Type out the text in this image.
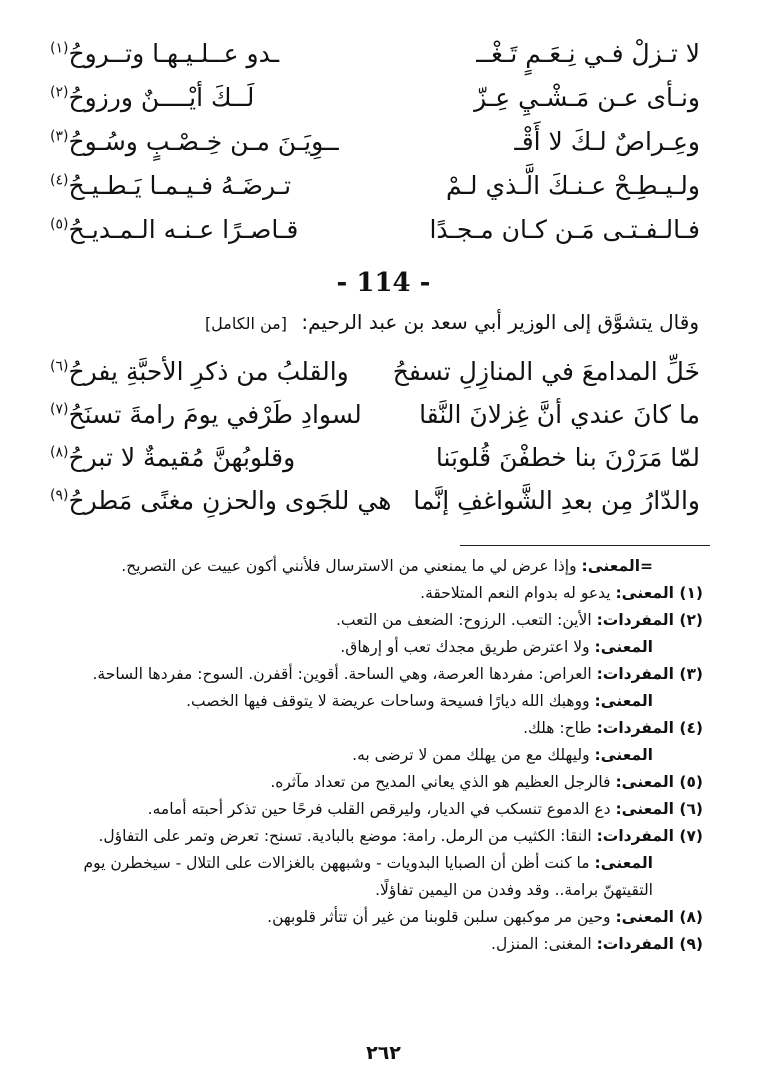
لا تـزلْ فـي نِـعَـمٍ تَـغْــ
ـدو عــلـيـهـا وتــروحُ$^{(١)}$
ونـأى عـن مَـشْـيِ عِـزّ
لَــكَ أيْــــنٌ ورزوحُ$^{(٢)}$
وعِـراصٌ لـكَ لا أَقْـ
ــوِيَـنَ مـن خِـصْـبٍ وسُـوحُ$^{(٣)}$
ولـيـطِـحْ عـنـكَ الَّـذي لـمْ
تـرضَـهُ فـيـمـا يَـطـيـحُ$^{(٤)}$
فـالـفـتـى مَـن كـان مـجـدًا
قـاصـرًا عـنـه الـمـديـحُ$^{(٥)}$
- 114 -
وقال يتشوَّق إلى الوزير أبي سعد بن عبد الرحيم: [من الكامل]
خَلِّ المدامعَ في المنازِلِ تسفحُ
والقلبُ من ذكرِ الأحبَّةِ يفرحُ$^{(٦)}$
ما كانَ عندي أنَّ غِزلانَ النَّقا
لسوادِ طَرْفي يومَ رامةَ تسنَحُ$^{(٧)}$
لمّا مَرَرْنَ بنا خطفْنَ قُلوبَنا
وقلوبُهنَّ مُقيمةٌ لا تبرحُ$^{(٨)}$
والدّارُ مِن بعدِ الشَّواغفِ إنَّما
هي للجَوى والحزنِ مغنًى مَطرحُ$^{(٩)}$
=المعنى: وإذا عرض لي ما يمنعني من الاسترسال فلأنني أكون عييت عن التصريح.
(١) المعنى: يدعو له بدوام النعم المتلاحقة.
(٢) المفردات: الأين: التعب. الرزوح: الضعف من التعب.
المعنى: ولا اعترض طريق مجدك تعب أو إرهاق.
(٣) المفردات: العراص: مفردها العرصة، وهي الساحة. أقوين: أقفرن. السوح: مفردها الساحة.
المعنى: ووهبك الله ديارًا فسيحة وساحات عريضة لا يتوقف فيها الخصب.
(٤) المفردات: طاح: هلك.
المعنى: وليهلك مع من يهلك ممن لا ترضى به.
(٥) المعنى: فالرجل العظيم هو الذي يعاني المديح من تعداد مآثره.
(٦) المعنى: دع الدموع تنسكب في الديار، وليرقص القلب فرحًا حين تذكر أحبته أمامه.
(٧) المفردات: النقا: الكثيب من الرمل. رامة: موضع بالبادية. تسنح: تعرض وتمر على التفاؤل.
المعنى: ما كنت أظن أن الصبايا البدويات - وشبههن بالغزالات على التلال - سيخطرن يوم التقيتهنّ برامة.. وقد وفدن من اليمين تفاؤلًا.
(٨) المعنى: وحين مر موكبهن سلبن قلوبنا من غير أن تتأثر قلوبهن.
(٩) المفردات: المغنى: المنزل.
٢٦٢
